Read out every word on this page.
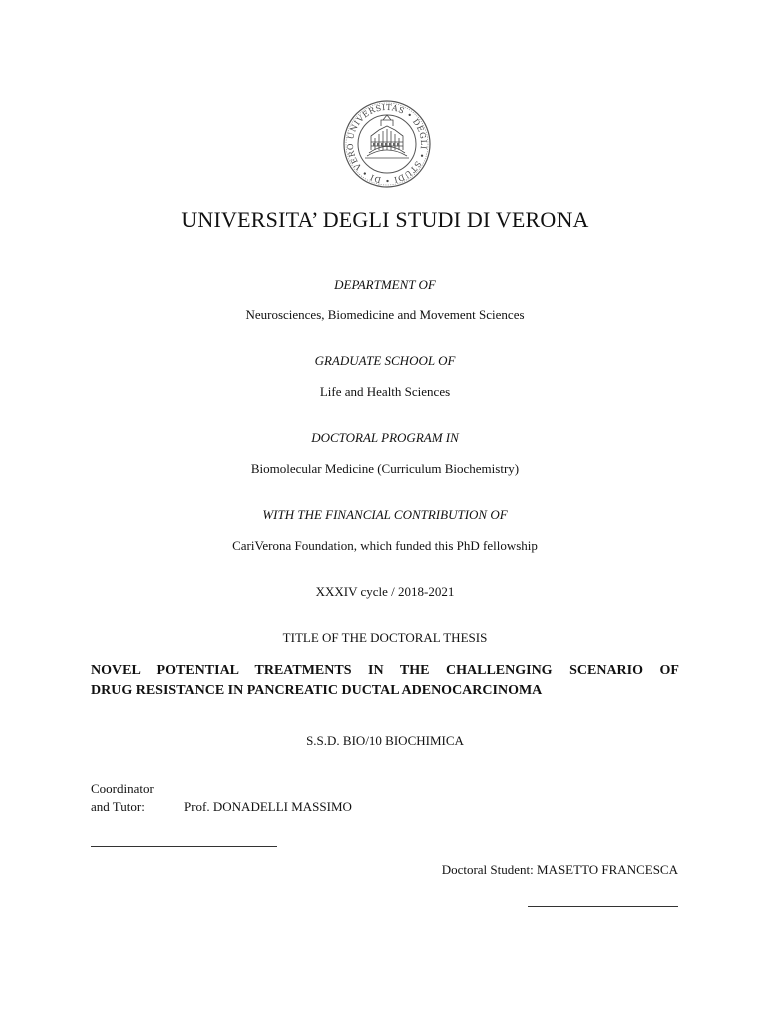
UNIVERSITAS • DEGLI • STUDI • DI • VERO
UNIVERSITA’ DEGLI STUDI DI VERONA
DEPARTMENT OF
Neurosciences, Biomedicine and Movement Sciences
GRADUATE SCHOOL OF
Life and Health Sciences
DOCTORAL PROGRAM IN
Biomolecular Medicine (Curriculum Biochemistry)
WITH THE FINANCIAL CONTRIBUTION OF
CariVerona Foundation, which funded this PhD fellowship
XXXIV cycle / 2018-2021
TITLE OF THE DOCTORAL THESIS
NOVEL POTENTIAL TREATMENTS IN THE CHALLENGING SCENARIO OF
DRUG RESISTANCE IN PANCREATIC DUCTAL ADENOCARCINOMA
S.S.D. BIO/10 BIOCHIMICA
Coordinator
and Tutor:	Prof. DONADELLI MASSIMO
Doctoral Student: MASETTO FRANCESCA
